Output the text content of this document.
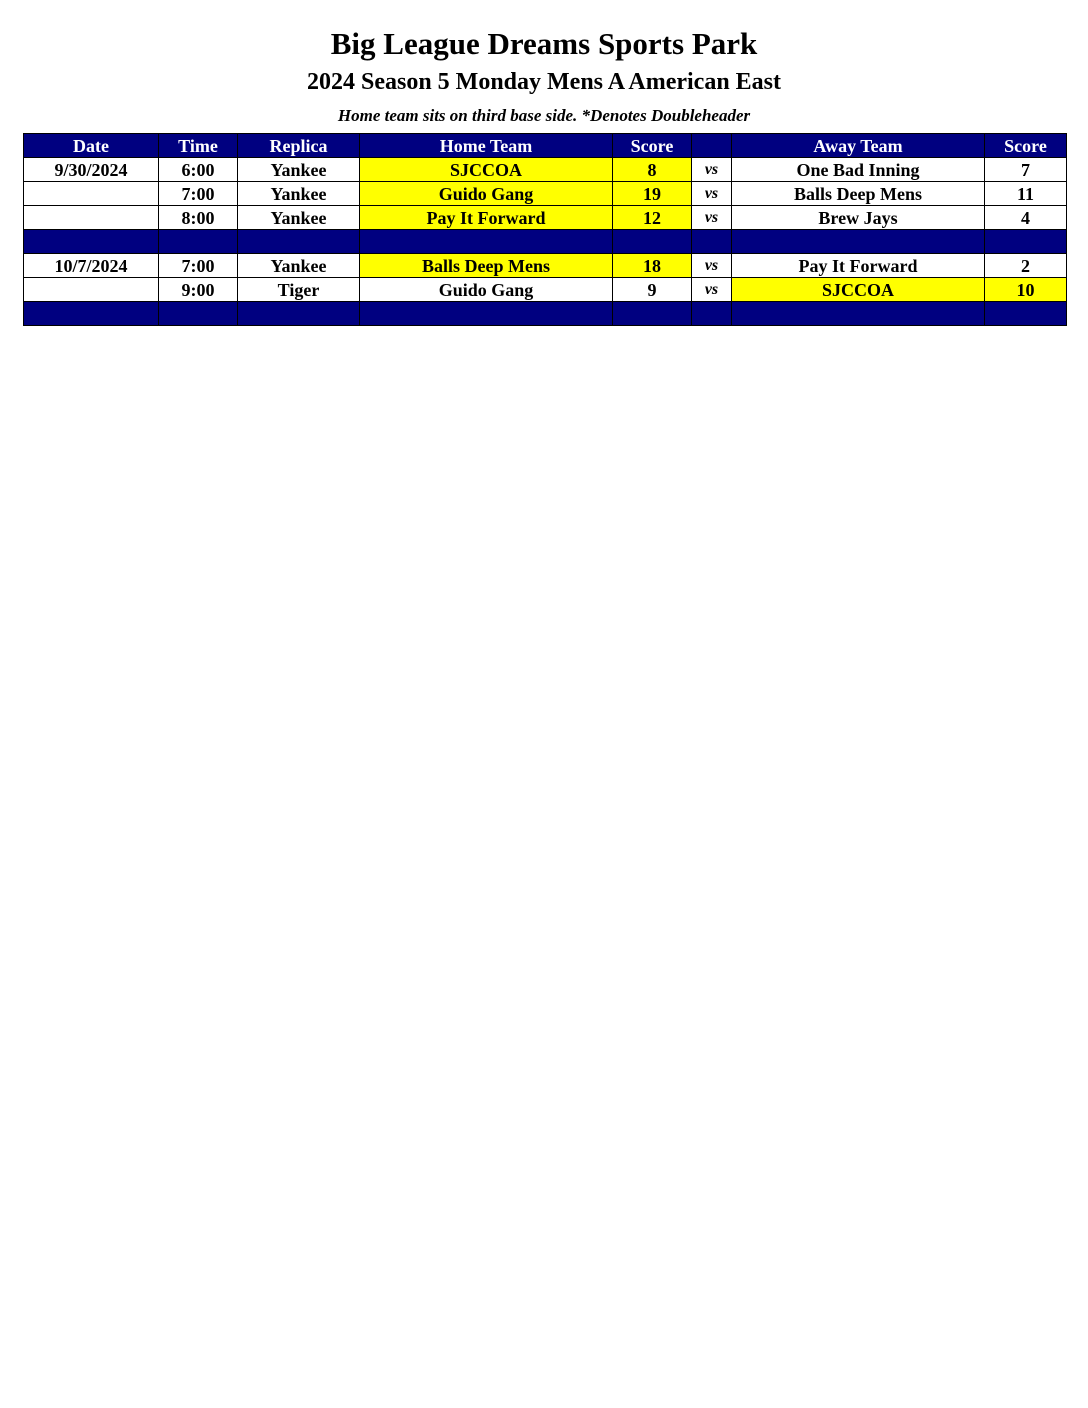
Big League Dreams Sports Park
2024 Season 5 Monday Mens A American East
Home team sits on third base side. *Denotes Doubleheader
Date	Time	Replica	Home Team	Score		Away Team	Score
9/30/2024	6:00	Yankee	SJCCOA	8	vs	One Bad Inning	7
	7:00	Yankee	Guido Gang	19	vs	Balls Deep Mens	11
	8:00	Yankee	Pay It Forward	12	vs	Brew Jays	4

10/7/2024	7:00	Yankee	Balls Deep Mens	18	vs	Pay It Forward	2
	9:00	Tiger	Guido Gang	9	vs	SJCCOA	10
